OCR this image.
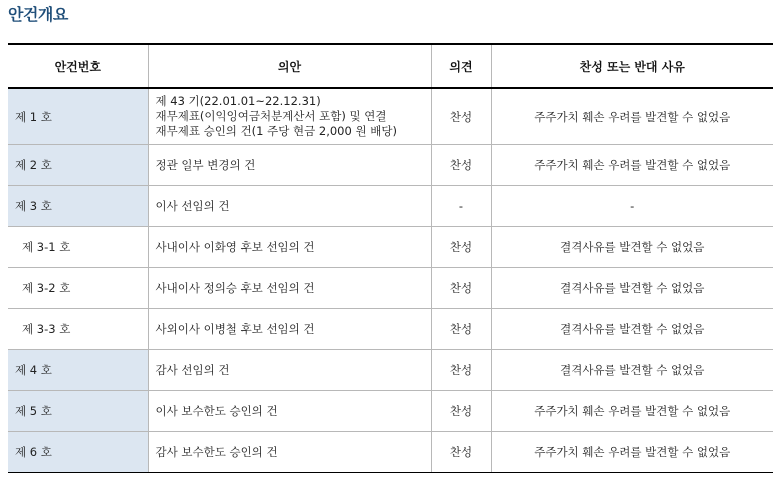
안건개요
안건번호	의안	의견	찬성 또는 반대 사유
제 1 호	제 43 기(22.01.01~22.12.31)
재무제표(이익잉여금처분계산서 포함) 및 연결
재무제표 승인의 건(1 주당 현금 2,000 원 배당)	찬성	주주가치 훼손 우려를 발견할 수 없었음
제 2 호	정관 일부 변경의 건	찬성	주주가치 훼손 우려를 발견할 수 없었음
제 3 호	이사 선임의 건	-	-
제 3-1 호	사내이사 이화영 후보 선임의 건	찬성	결격사유를 발견할 수 없었음
제 3-2 호	사내이사 정의승 후보 선임의 건	찬성	결격사유를 발견할 수 없었음
제 3-3 호	사외이사 이병철 후보 선임의 건	찬성	결격사유를 발견할 수 없었음
제 4 호	감사 선임의 건	찬성	결격사유를 발견할 수 없었음
제 5 호	이사 보수한도 승인의 건	찬성	주주가치 훼손 우려를 발견할 수 없었음
제 6 호	감사 보수한도 승인의 건	찬성	주주가치 훼손 우려를 발견할 수 없었음
